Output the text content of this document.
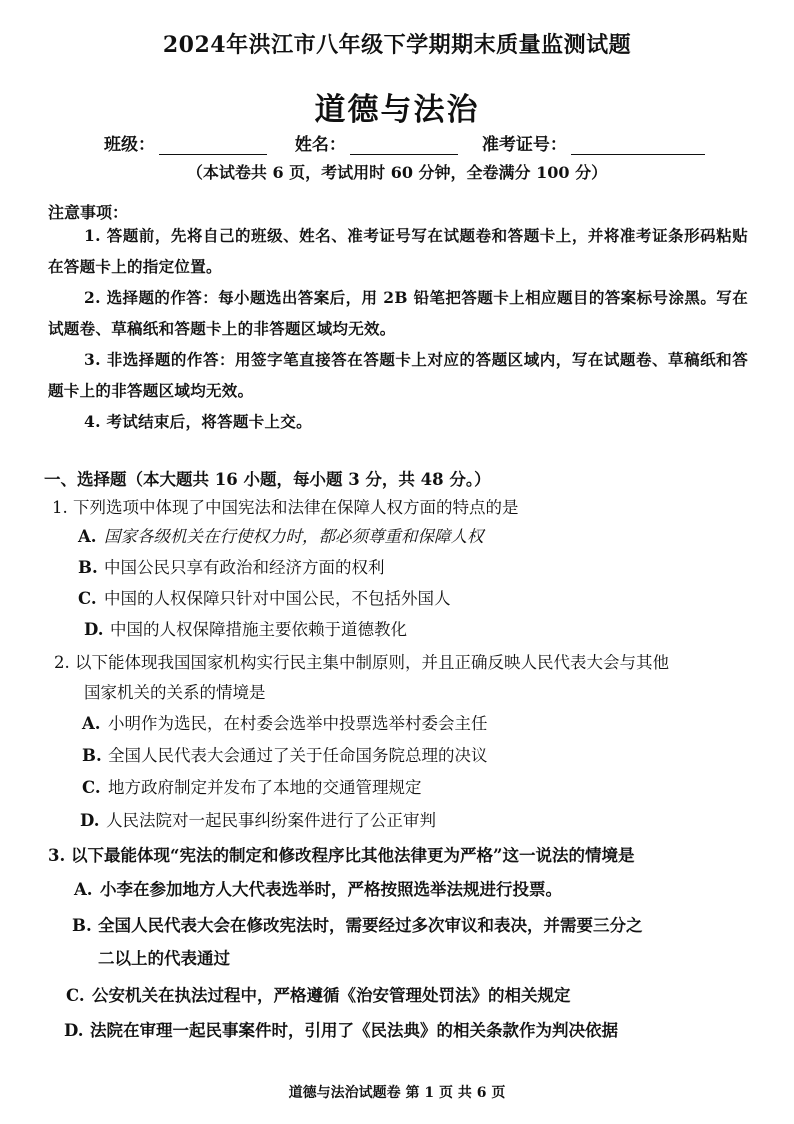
2024年洪江市八年级下学期期末质量监测试题
道德与法治
班级：	姓名：	准考证号：
（本试卷共 6 页，考试用时 60 分钟，全卷满分 100 分）
注意事项：
1. 答题前，先将自己的班级、姓名、准考证号写在试题卷和答题卡上，并将准考证条形码粘贴在答题卡上的指定位置。
2. 选择题的作答：每小题选出答案后，用 2B 铅笔把答题卡上相应题目的答案标号涂黑。写在试题卷、草稿纸和答题卡上的非答题区域均无效。
3. 非选择题的作答：用签字笔直接答在答题卡上对应的答题区域内，写在试题卷、草稿纸和答题卡上的非答题区域均无效。
4. 考试结束后，将答题卡上交。
一、选择题（本大题共 16 小题，每小题 3 分，共 48 分。）
1. 下列选项中体现了中国宪法和法律在保障人权方面的特点的是
A. 国家各级机关在行使权力时，都必须尊重和保障人权
B. 中国公民只享有政治和经济方面的权利
C. 中国的人权保障只针对中国公民，不包括外国人
D. 中国的人权保障措施主要依赖于道德教化
2. 以下能体现我国国家机构实行民主集中制原则，并且正确反映人民代表大会与其他
国家机关的关系的情境是
A. 小明作为选民，在村委会选举中投票选举村委会主任
B. 全国人民代表大会通过了关于任命国务院总理的决议
C. 地方政府制定并发布了本地的交通管理规定
D. 人民法院对一起民事纠纷案件进行了公正审判
3. 以下最能体现“宪法的制定和修改程序比其他法律更为严格”这一说法的情境是
A. 小李在参加地方人大代表选举时，严格按照选举法规进行投票。
B. 全国人民代表大会在修改宪法时，需要经过多次审议和表决，并需要三分之
二以上的代表通过
C. 公安机关在执法过程中，严格遵循《治安管理处罚法》的相关规定
D. 法院在审理一起民事案件时，引用了《民法典》的相关条款作为判决依据
道德与法治试题卷 第 1 页 共 6 页
